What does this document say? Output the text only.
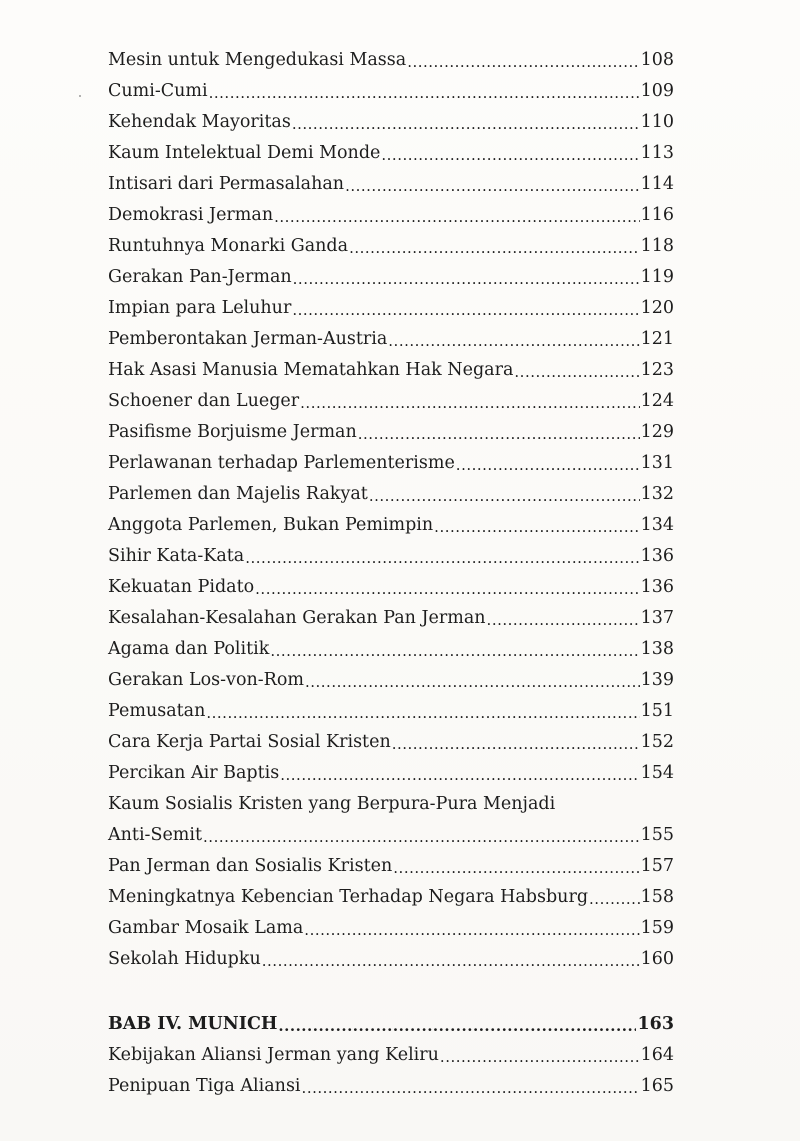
Mesin untuk Mengedukasi Massa .....	108
Cumi-Cumi .....	109
Kehendak Mayoritas .....	110
Kaum Intelektual Demi Monde .....	113
Intisari dari Permasalahan .....	114
Demokrasi Jerman .....	116
Runtuhnya Monarki Ganda .....	118
Gerakan Pan-Jerman .....	119
Impian para Leluhur .....	120
Pemberontakan Jerman-Austria .....	121
Hak Asasi Manusia Mematahkan Hak Negara .....	123
Schoener dan Lueger .....	124
Pasifisme Borjuisme Jerman .....	129
Perlawanan terhadap Parlementerisme .....	131
Parlemen dan Majelis Rakyat .....	132
Anggota Parlemen, Bukan Pemimpin .....	134
Sihir Kata-Kata .....	136
Kekuatan Pidato .....	136
Kesalahan-Kesalahan Gerakan Pan Jerman .....	137
Agama dan Politik .....	138
Gerakan Los-von-Rom .....	139
Pemusatan .....	151
Cara Kerja Partai Sosial Kristen .....	152
Percikan Air Baptis .....	154
Kaum Sosialis Kristen yang Berpura-Pura Menjadi
Anti-Semit .....	155
Pan Jerman dan Sosialis Kristen .....	157
Meningkatnya Kebencian Terhadap Negara Habsburg .....	158
Gambar Mosaik Lama .....	159
Sekolah Hidupku .....	160
BAB IV. MUNICH .....	163
Kebijakan Aliansi Jerman yang Keliru .....	164
Penipuan Tiga Aliansi .....	165
